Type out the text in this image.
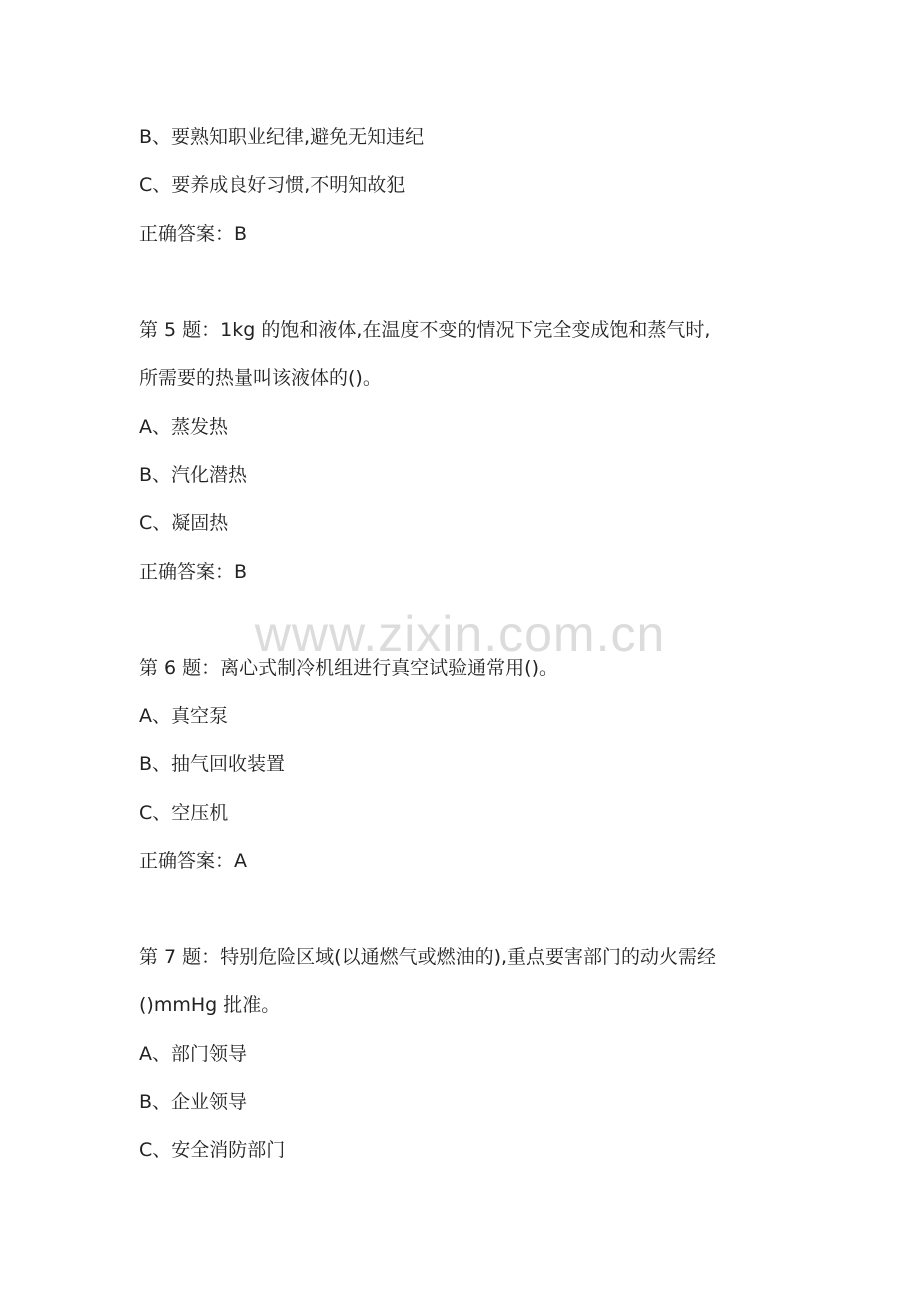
www.zixin.com.cn
B、要熟知职业纪律,避免无知违纪
C、要养成良好习惯,不明知故犯
正确答案：B
第 5 题：1kg 的饱和液体,在温度不变的情况下完全变成饱和蒸气时,
所需要的热量叫该液体的()。
A、蒸发热
B、汽化潜热
C、凝固热
正确答案：B
第 6 题：离心式制冷机组进行真空试验通常用()。
A、真空泵
B、抽气回收装置
C、空压机
正确答案：A
第 7 题：特别危险区域(以通燃气或燃油的),重点要害部门的动火需经
()mmHg 批准。
A、部门领导
B、企业领导
C、安全消防部门
